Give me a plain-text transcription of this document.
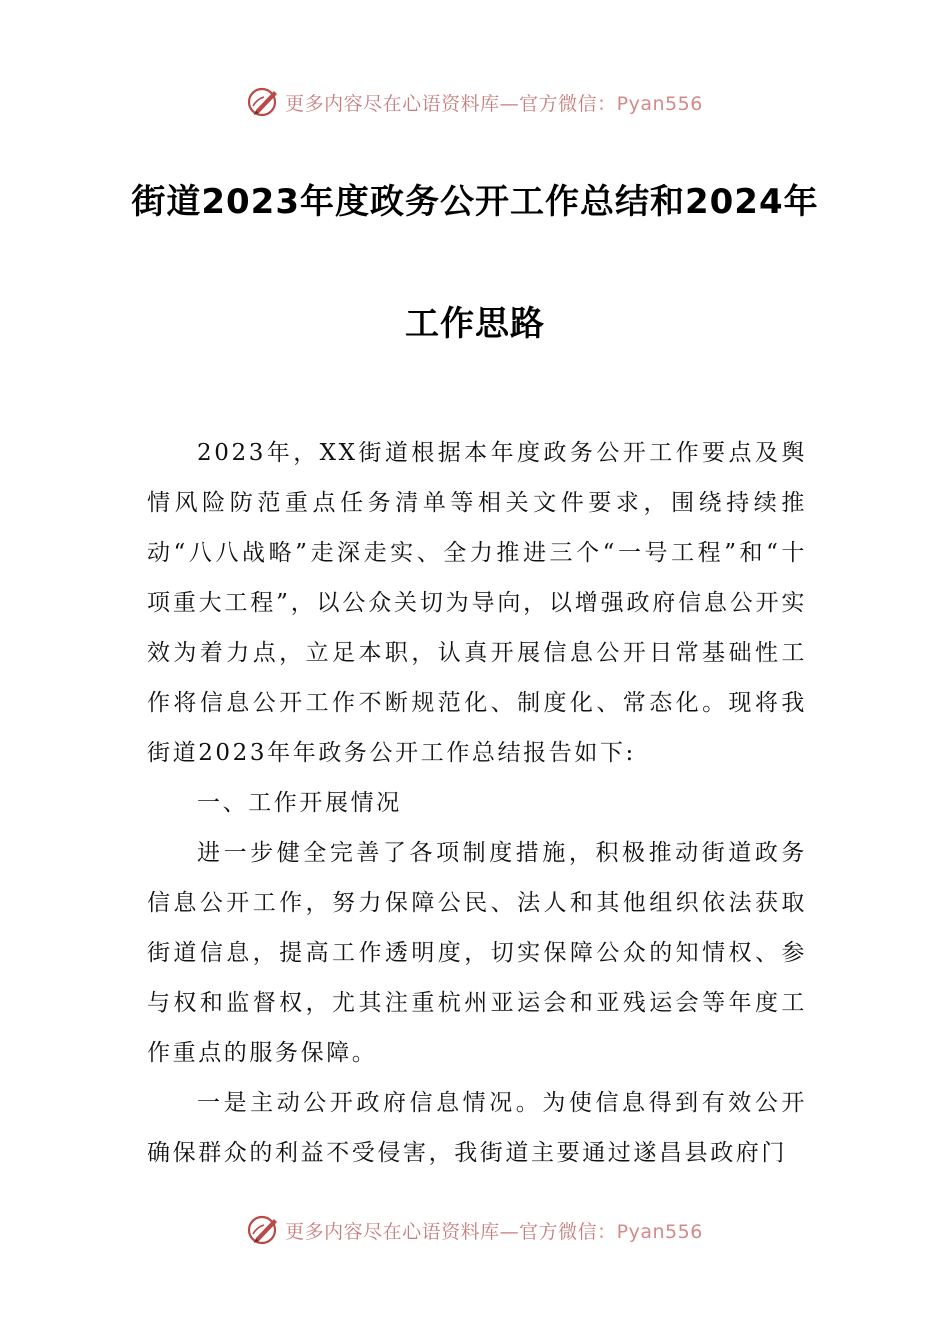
更多内容尽在心语资料库—官方微信：Pyan556
街道2023年度政务公开工作总结和2024年
工作思路

2023年，XX街道根据本年度政务公开工作要点及舆情风险防范重点任务清单等相关文件要求，围绕持续推动“八八战略”走深走实、全力推进三个“一号工程”和“十项重大工程”，以公众关切为导向，以增强政府信息公开实效为着力点，立足本职，认真开展信息公开日常基础性工作将信息公开工作不断规范化、制度化、常态化。现将我街道2023年年政务公开工作总结报告如下:

一、工作开展情况

进一步健全完善了各项制度措施，积极推动街道政务信息公开工作，努力保障公民、法人和其他组织依法获取街道信息，提高工作透明度，切实保障公众的知情权、参与权和监督权，尤其注重杭州亚运会和亚残运会等年度工作重点的服务保障。

一是主动公开政府信息情况。为使信息得到有效公开确保群众的利益不受侵害，我街道主要通过遂昌县政府门

更多内容尽在心语资料库—官方微信：Pyan556
